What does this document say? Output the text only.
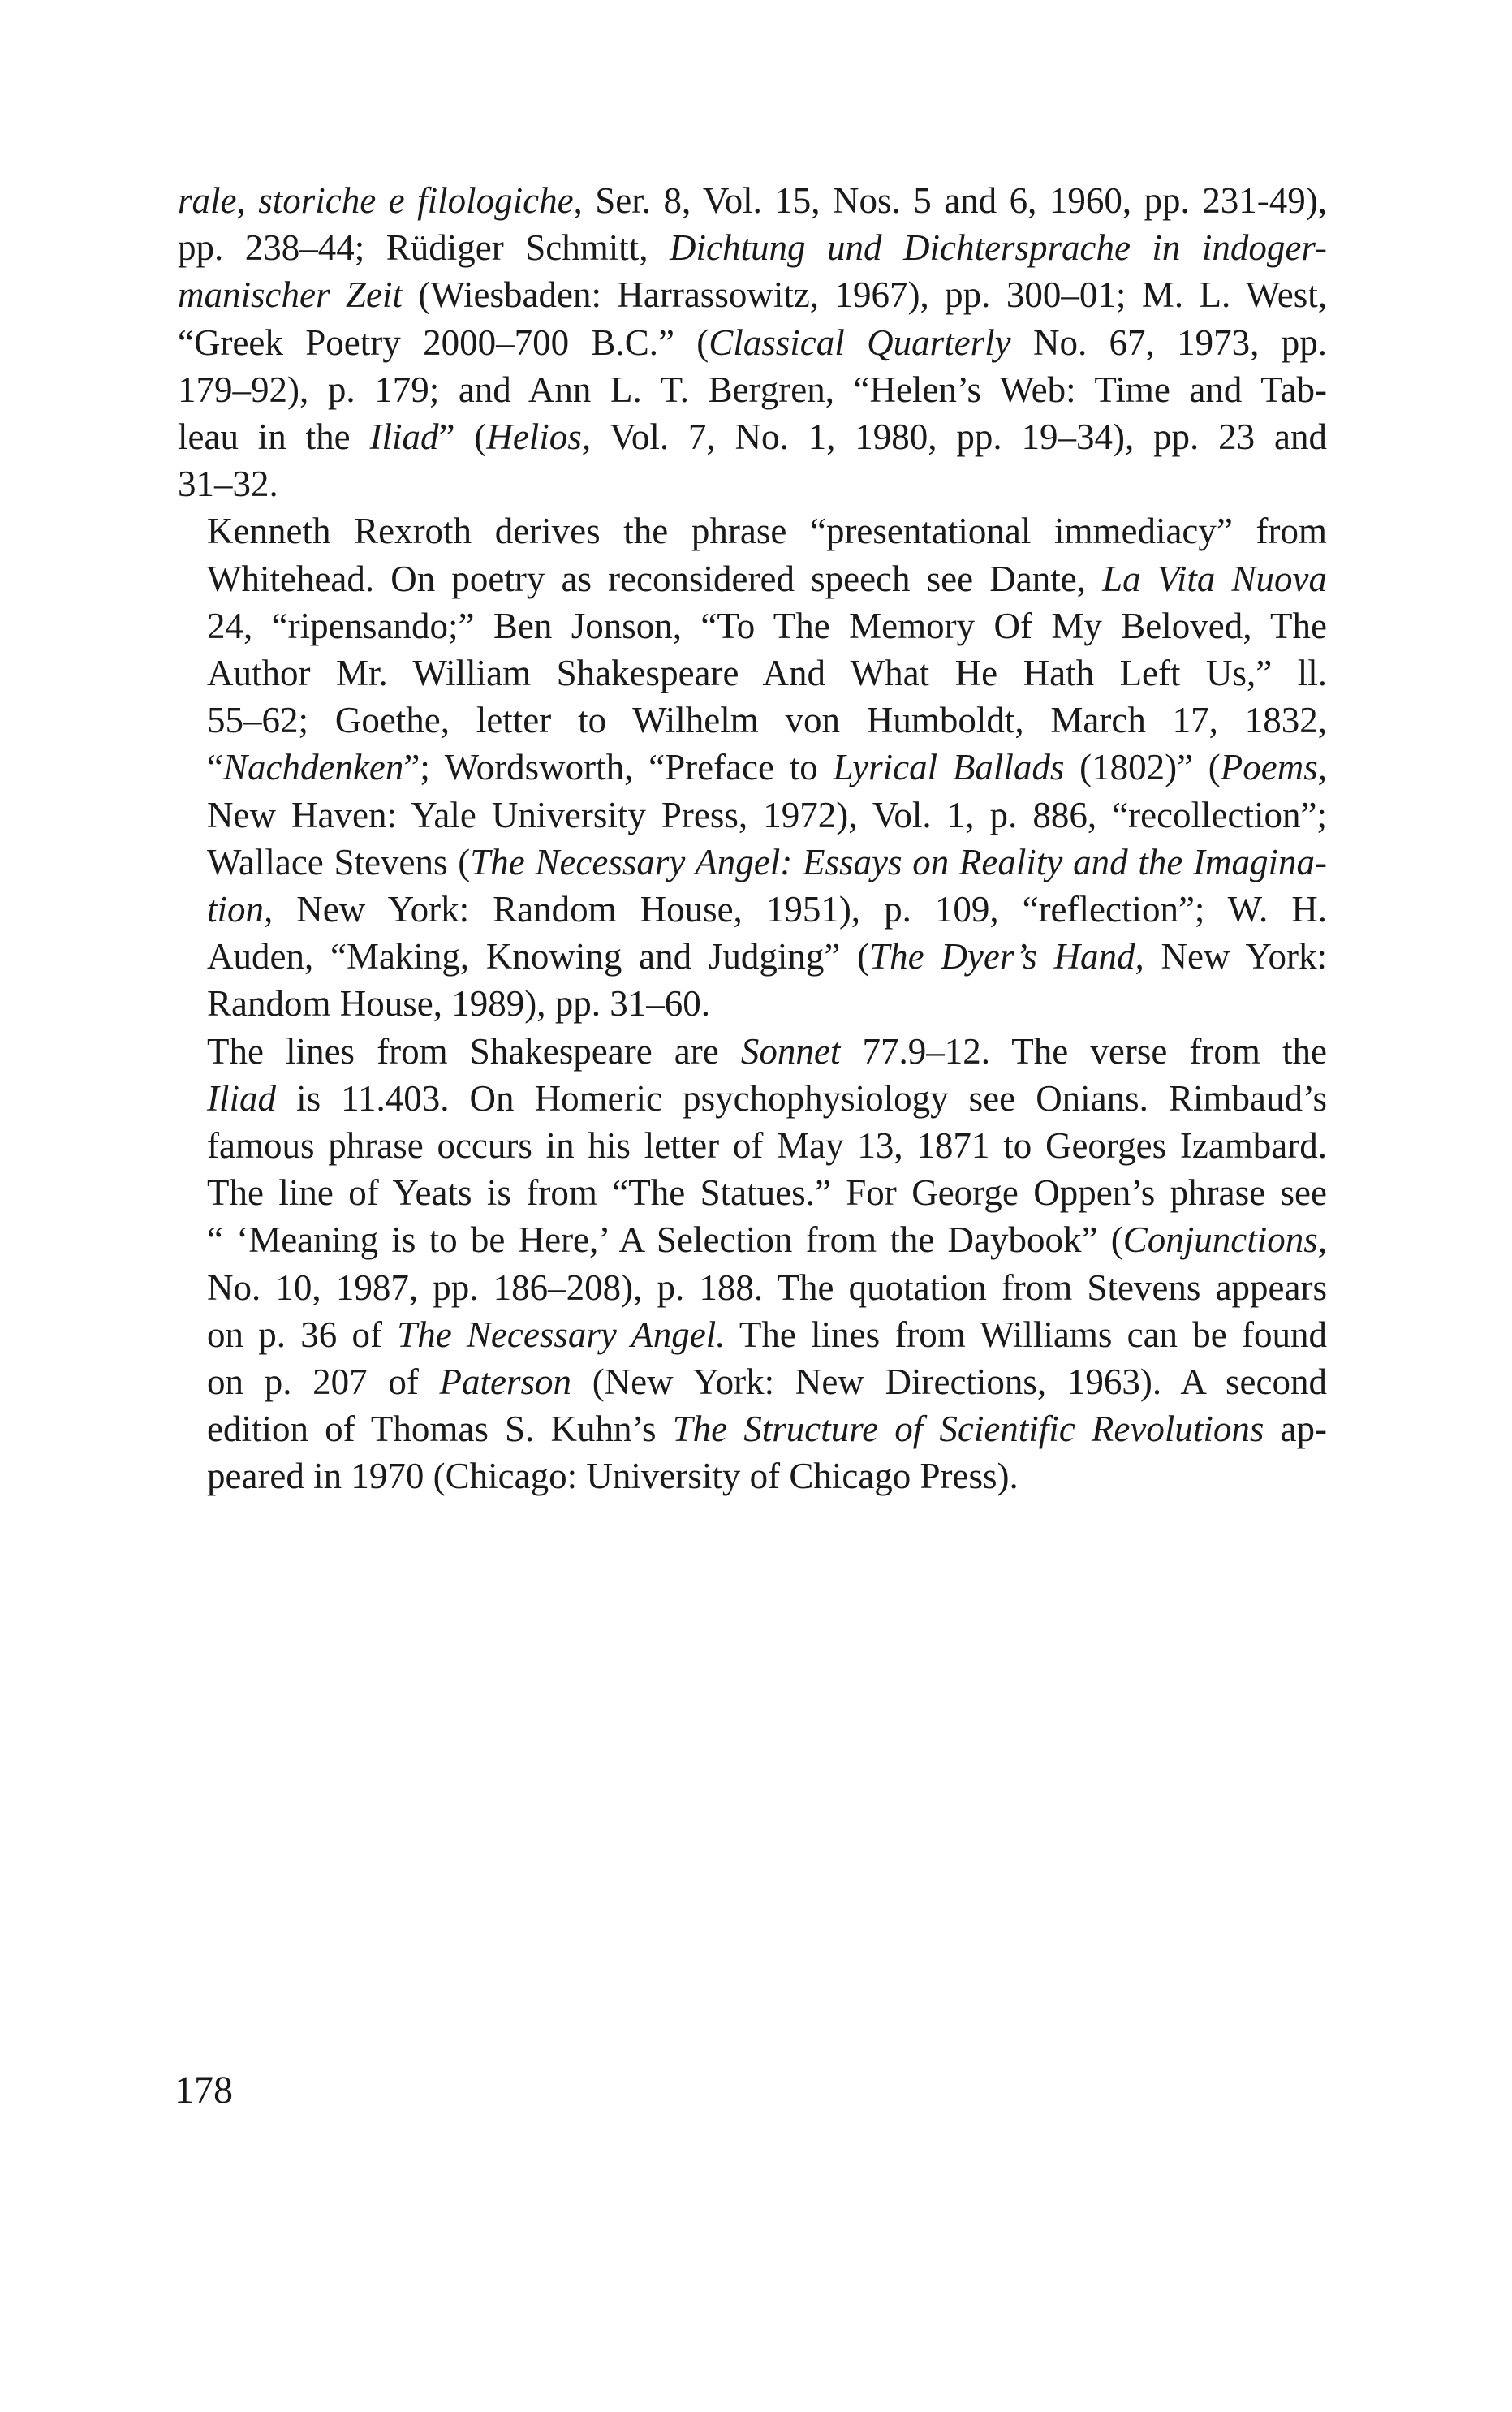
rale, storiche e filologiche, Ser. 8, Vol. 15, Nos. 5 and 6, 1960, pp. 231-49),
pp. 238–44; Rüdiger Schmitt, Dichtung und Dichtersprache in indoger-
manischer Zeit (Wiesbaden: Harrassowitz, 1967), pp. 300–01; M. L. West,
“Greek Poetry 2000–700 B.C.” (Classical Quarterly No. 67, 1973, pp.
179–92), p. 179; and Ann L. T. Bergren, “Helen’s Web: Time and Tab-
leau in the Iliad” (Helios, Vol. 7, No. 1, 1980, pp. 19–34), pp. 23 and
31–32.

Kenneth Rexroth derives the phrase “presentational immediacy” from
Whitehead. On poetry as reconsidered speech see Dante, La Vita Nuova
24, “ripensando;” Ben Jonson, “To The Memory Of My Beloved, The
Author Mr. William Shakespeare And What He Hath Left Us,” ll.
55–62; Goethe, letter to Wilhelm von Humboldt, March 17, 1832,
“Nachdenken”; Wordsworth, “Preface to Lyrical Ballads (1802)” (Poems,
New Haven: Yale University Press, 1972), Vol. 1, p. 886, “recollection”;
Wallace Stevens (The Necessary Angel: Essays on Reality and the Imagina-
tion, New York: Random House, 1951), p. 109, “reflection”; W. H.
Auden, “Making, Knowing and Judging” (The Dyer’s Hand, New York:
Random House, 1989), pp. 31–60.

The lines from Shakespeare are Sonnet 77.9–12. The verse from the
Iliad is 11.403. On Homeric psychophysiology see Onians. Rimbaud’s
famous phrase occurs in his letter of May 13, 1871 to Georges Izambard.
The line of Yeats is from “The Statues.” For George Oppen’s phrase see
“ ‘Meaning is to be Here,’ A Selection from the Daybook” (Conjunctions,
No. 10, 1987, pp. 186–208), p. 188. The quotation from Stevens appears
on p. 36 of The Necessary Angel. The lines from Williams can be found
on p. 207 of Paterson (New York: New Directions, 1963). A second
edition of Thomas S. Kuhn’s The Structure of Scientific Revolutions ap-
peared in 1970 (Chicago: University of Chicago Press).

178
